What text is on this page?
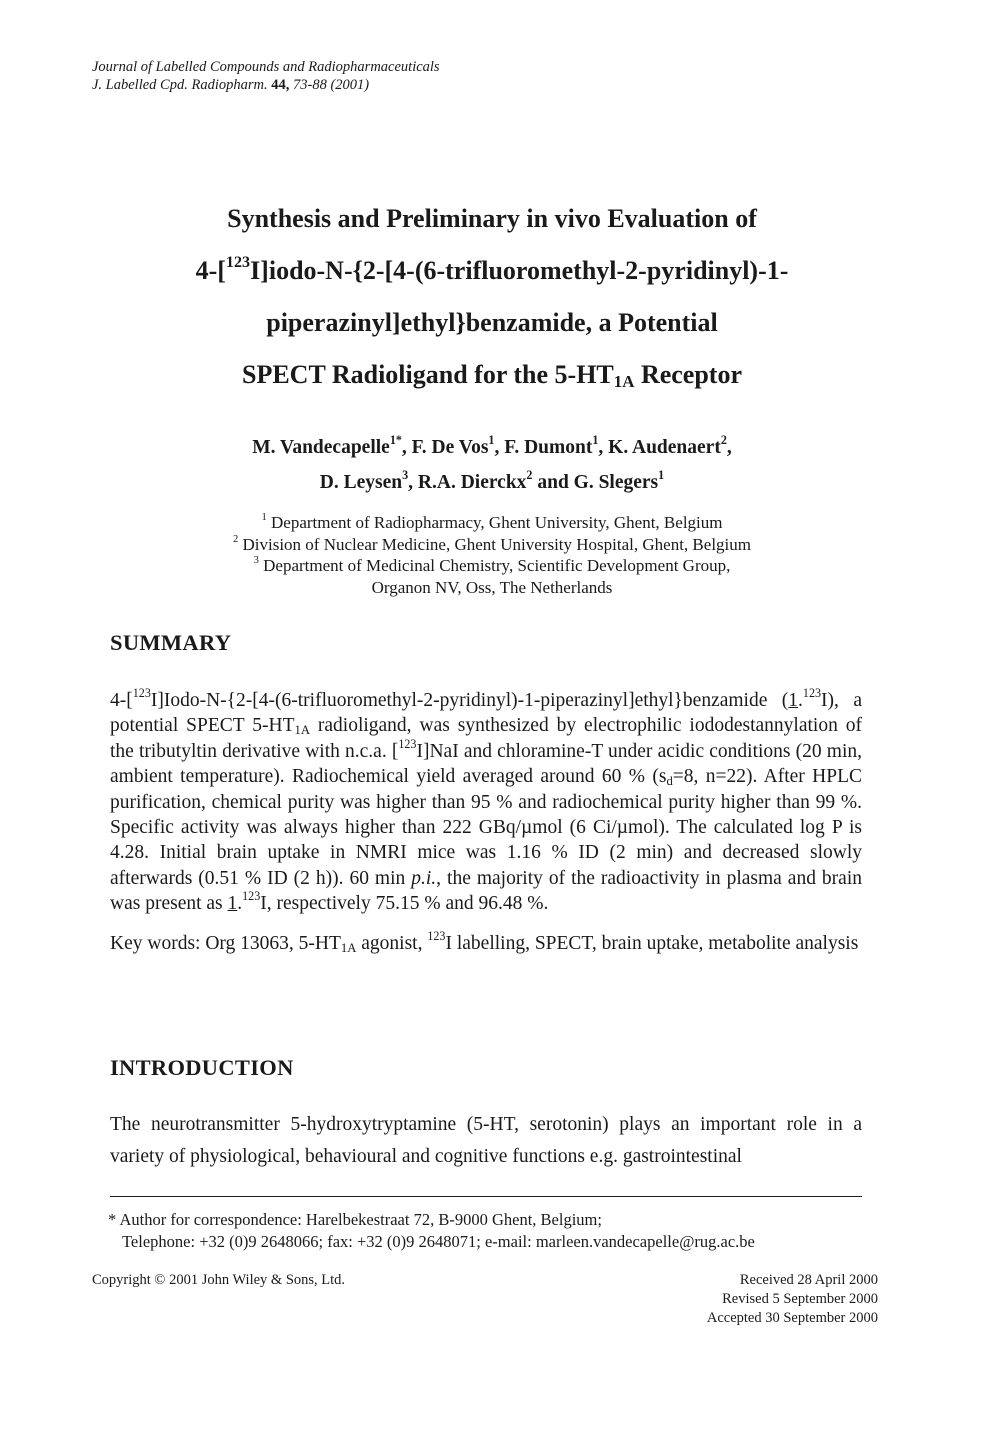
Journal of Labelled Compounds and Radiopharmaceuticals
J. Labelled Cpd. Radiopharm. 44, 73-88 (2001)
Synthesis and Preliminary in vivo Evaluation of
4-[$^{123}$I]iodo-N-{2-[4-(6-trifluoromethyl-2-pyridinyl)-1-
piperazinyl]ethyl}benzamide, a Potential
SPECT Radioligand for the $5-HT_{1A}$ Receptor
M. Vandecapelle$^{1*}$, F. De Vos$^1$, F. Dumont$^1$, K. Audenaert$^2$,
D. Leysen$^3$, R.A. Dierckx$^2$ and G. Slegers$^1$
$^1$ Department of Radiopharmacy, Ghent University, Ghent, Belgium
$^2$ Division of Nuclear Medicine, Ghent University Hospital, Ghent, Belgium
$^3$ Department of Medicinal Chemistry, Scientific Development Group,
Organon NV, Oss, The Netherlands
SUMMARY

4-[$^{123}$I]Iodo-N-{2-[4-(6-trifluoromethyl-2-pyridinyl)-1-piperazinyl]ethyl}benzamide (1.$^{123}$I), a potential SPECT $5-HT_{1A}$ radioligand, was synthesized by electrophilic iododestannylation of the tributyltin derivative with n.c.a. [$^{123}$I]NaI and chloramine-T under acidic conditions (20 min, ambient temperature). Radiochemical yield averaged around 60 % ($s_d=8$, n=22). After HPLC purification, chemical purity was higher than 95 % and radiochemical purity higher than 99 %. Specific activity was always higher than 222 GBq/µmol (6 Ci/µmol). The calculated log P is 4.28. Initial brain uptake in NMRI mice was 1.16 % ID (2 min) and decreased slowly afterwards (0.51 % ID (2 h)). 60 min p.i., the majority of the radioactivity in plasma and brain was present as 1.$^{123}$I, respectively 75.15 % and 96.48 %.

Key words: Org 13063, $5-HT_{1A}$ agonist, $^{123}$I labelling, SPECT, brain uptake, metabolite analysis

INTRODUCTION

The neurotransmitter 5-hydroxytryptamine (5-HT, serotonin) plays an important role in a variety of physiological, behavioural and cognitive functions e.g. gastrointestinal

* Author for correspondence: Harelbekestraat 72, B-9000 Ghent, Belgium;
Telephone: +32 (0)9 2648066; fax: +32 (0)9 2648071; e-mail: marleen.vandecapelle@rug.ac.be
Copyright © 2001 John Wiley & Sons, Ltd.	Received 28 April 2000
Revised 5 September 2000
Accepted 30 September 2000
